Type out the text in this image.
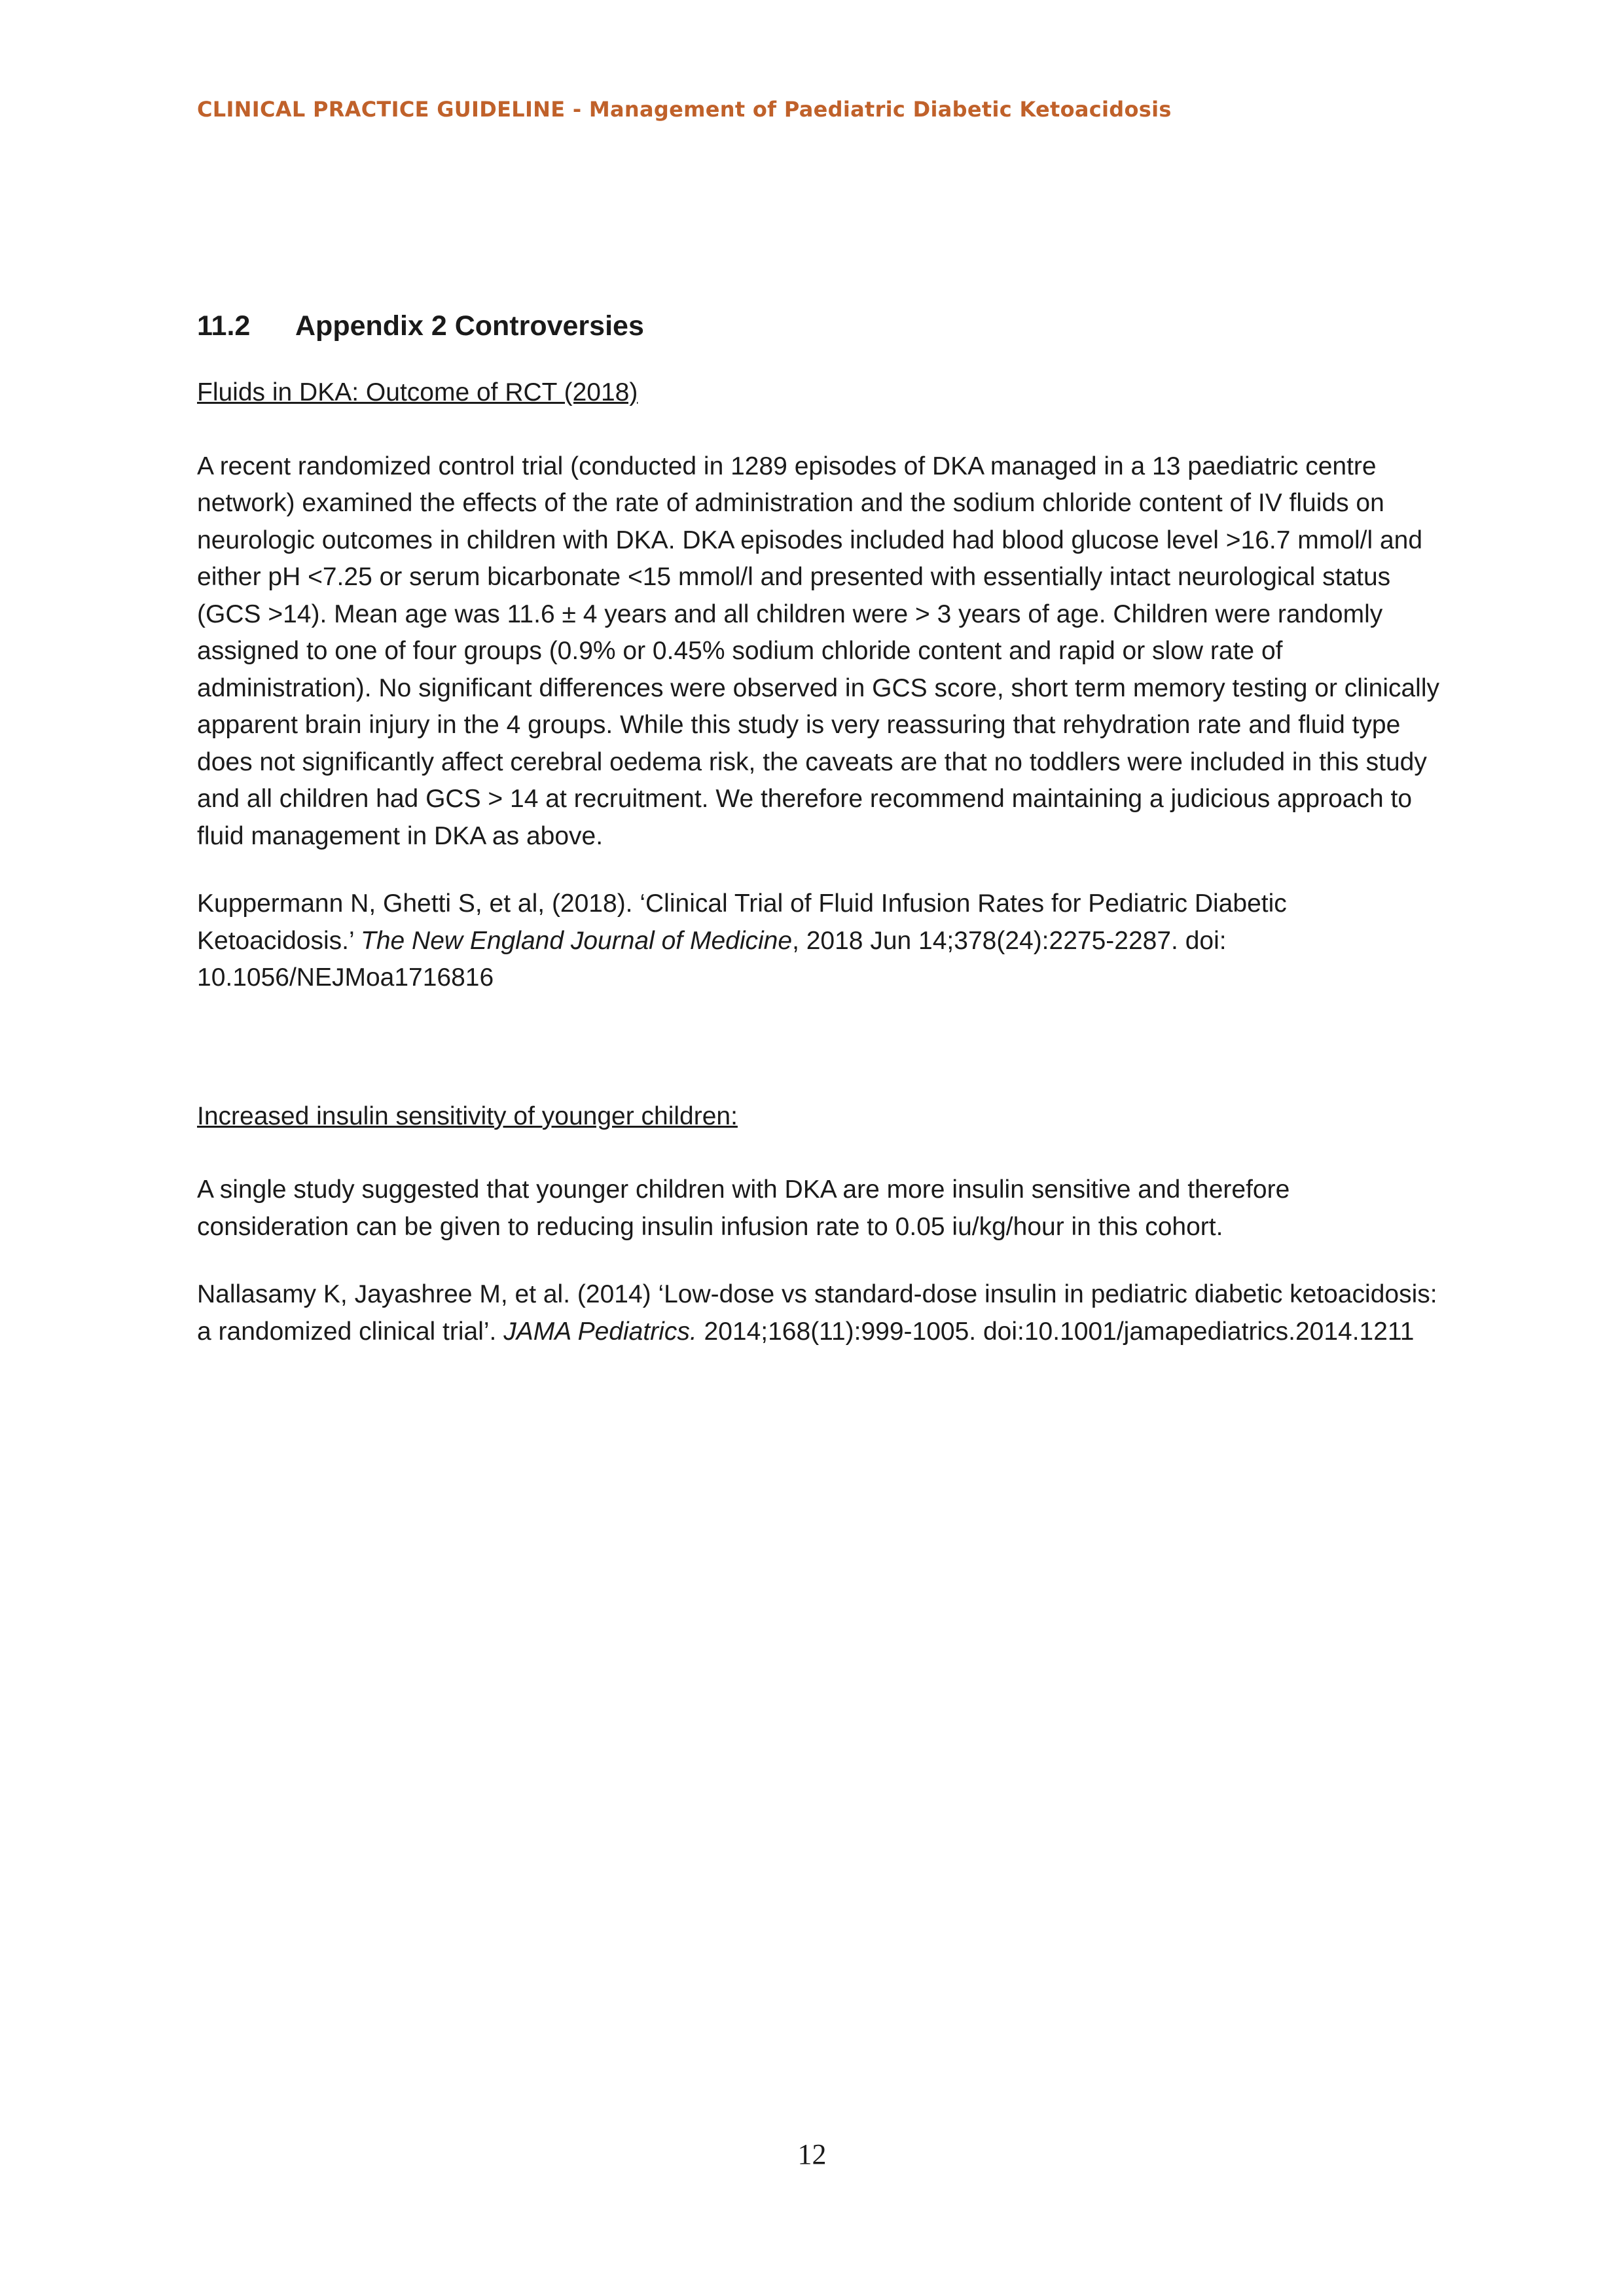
CLINICAL PRACTICE GUIDELINE - Management of Paediatric Diabetic Ketoacidosis
11.2 Appendix 2 Controversies
Fluids in DKA: Outcome of RCT (2018)

A recent randomized control trial (conducted in 1289 episodes of DKA managed in a 13 paediatric centre network) examined the effects of the rate of administration and the sodium chloride content of IV fluids on neurologic outcomes in children with DKA. DKA episodes included had blood glucose level >16.7 mmol/l and either pH <7.25 or serum bicarbonate <15 mmol/l and presented with essentially intact neurological status (GCS >14). Mean age was 11.6 ± 4 years and all children were > 3 years of age. Children were randomly assigned to one of four groups (0.9% or 0.45% sodium chloride content and rapid or slow rate of administration). No significant differences were observed in GCS score, short term memory testing or clinically apparent brain injury in the 4 groups. While this study is very reassuring that rehydration rate and fluid type does not significantly affect cerebral oedema risk, the caveats are that no toddlers were included in this study and all children had GCS > 14 at recruitment. We therefore recommend maintaining a judicious approach to fluid management in DKA as above.

Kuppermann N, Ghetti S, et al, (2018). ‘Clinical Trial of Fluid Infusion Rates for Pediatric Diabetic Ketoacidosis.’ The New England Journal of Medicine, 2018 Jun 14;378(24):2275-2287. doi: 10.1056/NEJMoa1716816

Increased insulin sensitivity of younger children:

A single study suggested that younger children with DKA are more insulin sensitive and therefore consideration can be given to reducing insulin infusion rate to 0.05 iu/kg/hour in this cohort.

Nallasamy K, Jayashree M, et al. (2014) ‘Low-dose vs standard-dose insulin in pediatric diabetic ketoacidosis: a randomized clinical trial’. JAMA Pediatrics. 2014;168(11):999-1005. doi:10.1001/jamapediatrics.2014.1211

12
